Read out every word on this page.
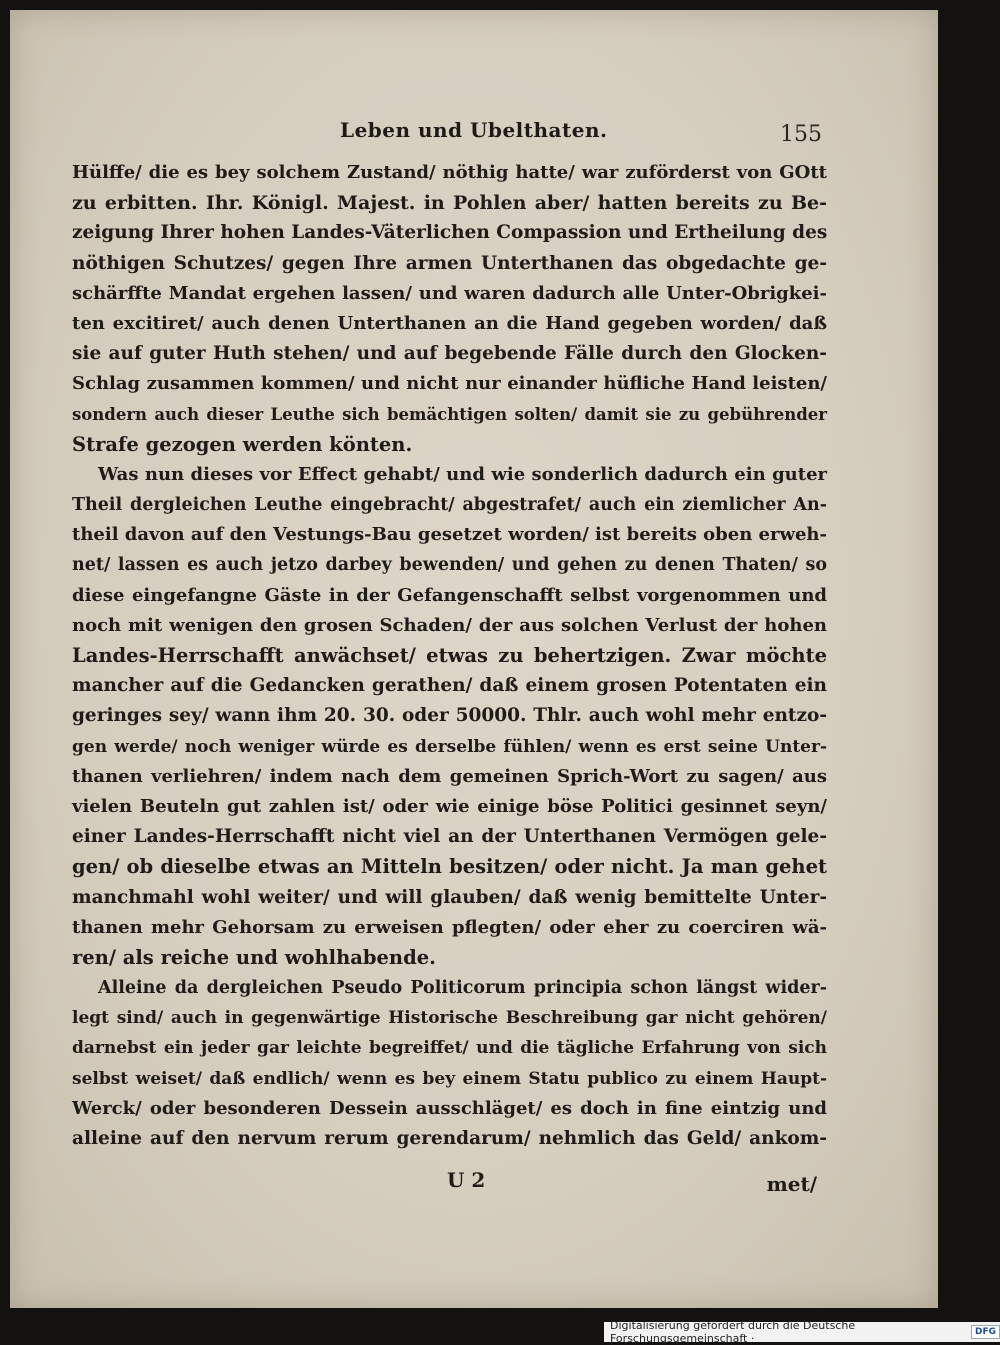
Leben und Ubelthaten.	155
Hülffe/ die es bey solchem Zustand/ nöthig hatte/ war zuförderst von GOtt
zu erbitten. Ihr. Königl. Majest. in Pohlen aber/ hatten bereits zu Be-
zeigung Ihrer hohen Landes-Väterlichen Compassion und Ertheilung des
nöthigen Schutzes/ gegen Ihre armen Unterthanen das obgedachte ge-
schärffte Mandat ergehen lassen/ und waren dadurch alle Unter-Obrigkei-
ten excitiret/ auch denen Unterthanen an die Hand gegeben worden/ daß
sie auf guter Huth stehen/ und auf begebende Fälle durch den Glocken-
Schlag zusammen kommen/ und nicht nur einander hüfliche Hand leisten/
sondern auch dieser Leuthe sich bemächtigen solten/ damit sie zu gebührender
Strafe gezogen werden könten.
Was nun dieses vor Effect gehabt/ und wie sonderlich dadurch ein guter
Theil dergleichen Leuthe eingebracht/ abgestrafet/ auch ein ziemlicher An-
theil davon auf den Vestungs-Bau gesetzet worden/ ist bereits oben erweh-
net/ lassen es auch jetzo darbey bewenden/ und gehen zu denen Thaten/ so
diese eingefangne Gäste in der Gefangenschafft selbst vorgenommen und
noch mit wenigen den grosen Schaden/ der aus solchen Verlust der hohen
Landes-Herrschafft anwächset/ etwas zu behertzigen. Zwar möchte
mancher auf die Gedancken gerathen/ daß einem grosen Potentaten ein
geringes sey/ wann ihm 20. 30. oder 50000. Thlr. auch wohl mehr entzo-
gen werde/ noch weniger würde es derselbe fühlen/ wenn es erst seine Unter-
thanen verliehren/ indem nach dem gemeinen Sprich-Wort zu sagen/ aus
vielen Beuteln gut zahlen ist/ oder wie einige böse Politici gesinnet seyn/
einer Landes-Herrschafft nicht viel an der Unterthanen Vermögen gele-
gen/ ob dieselbe etwas an Mitteln besitzen/ oder nicht. Ja man gehet
manchmahl wohl weiter/ und will glauben/ daß wenig bemittelte Unter-
thanen mehr Gehorsam zu erweisen pflegten/ oder eher zu coerciren wä-
ren/ als reiche und wohlhabende.
Alleine da dergleichen Pseudo Politicorum principia schon längst wider-
legt sind/ auch in gegenwärtige Historische Beschreibung gar nicht gehören/
darnebst ein jeder gar leichte begreiffet/ und die tägliche Erfahrung von sich
selbst weiset/ daß endlich/ wenn es bey einem Statu publico zu einem Haupt-
Werck/ oder besonderen Dessein ausschläget/ es doch in fine eintzig und
alleine auf den nervum rerum gerendarum/ nehmlich das Geld/ ankom-
U 2	met/
Digitalisierung gefördert durch die Deutsche Forschungsgemeinschaft ·	DFG
